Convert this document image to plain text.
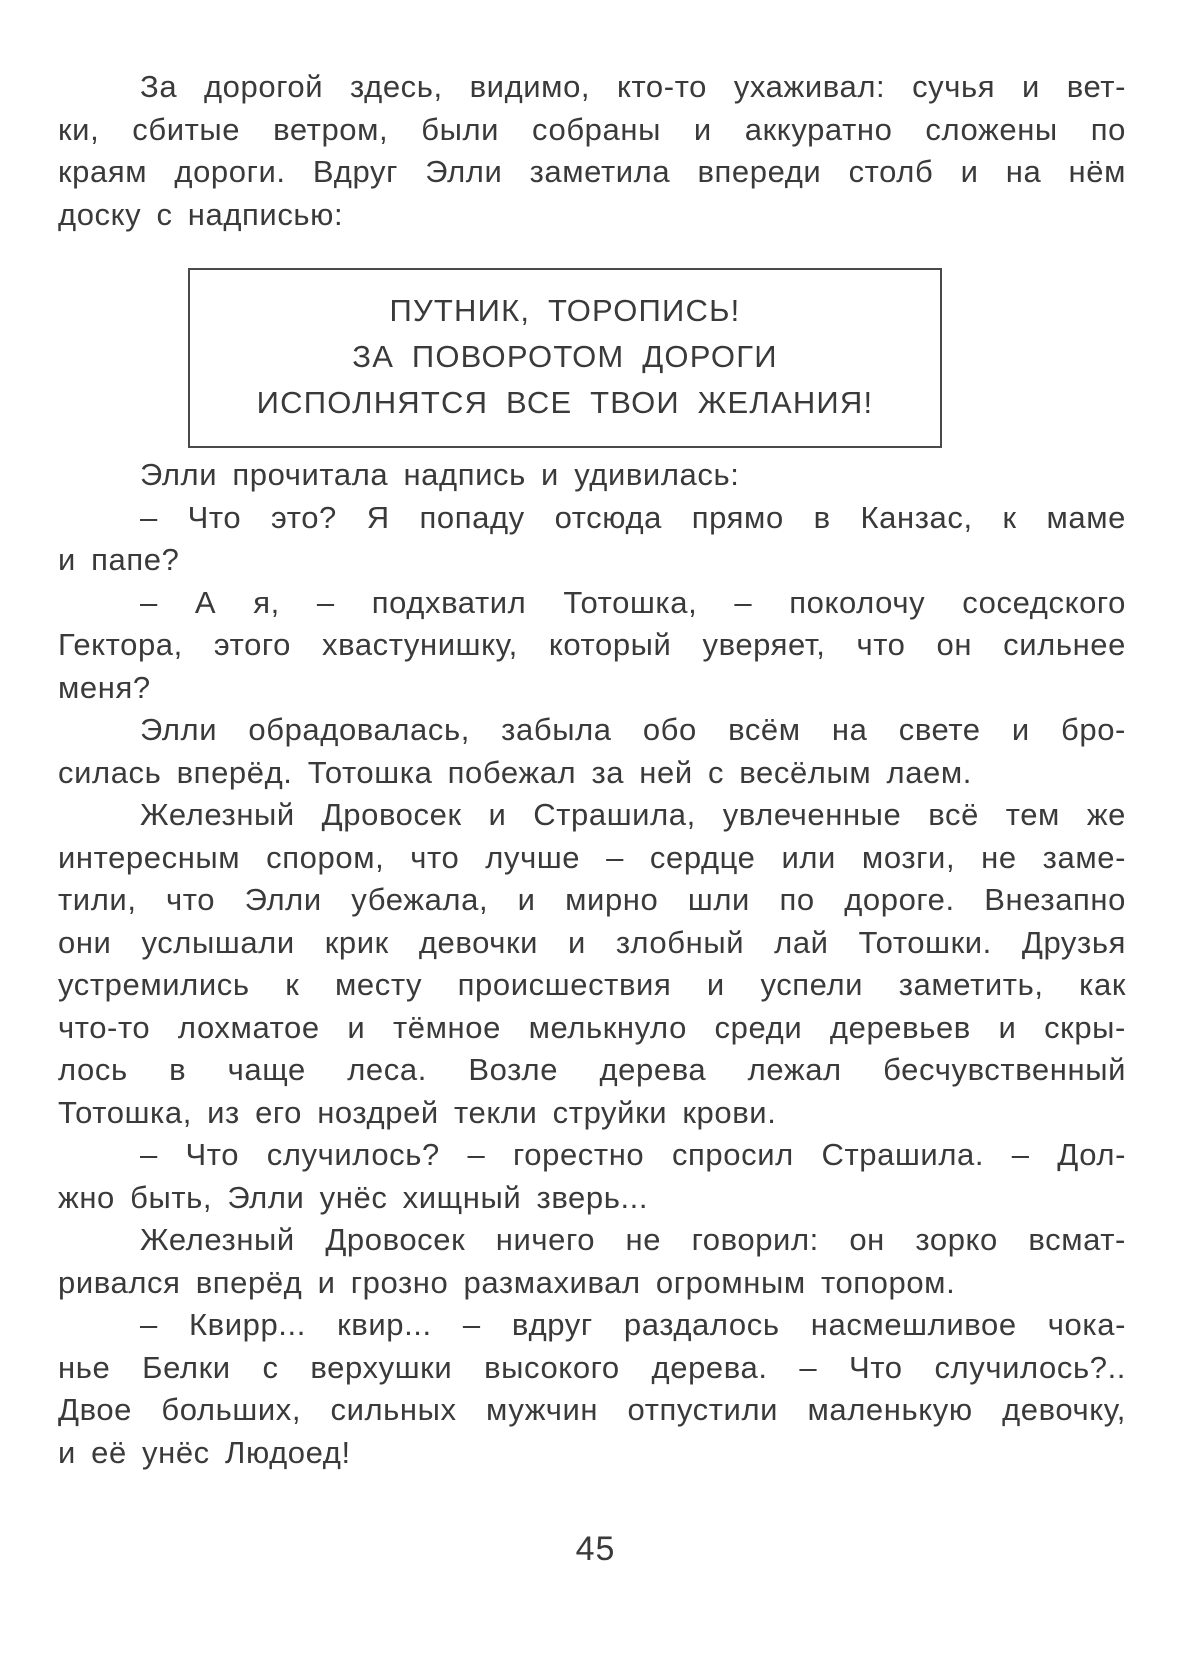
За дорогой здесь, видимо, кто-то ухаживал: сучья и вет-
ки, сбитые ветром, были собраны и аккуратно сложены по
краям дороги. Вдруг Элли заметила впереди столб и на нём
доску с надписью:
ПУТНИК, ТОРОПИСЬ!
ЗА ПОВОРОТОМ ДОРОГИ
ИСПОЛНЯТСЯ ВСЕ ТВОИ ЖЕЛАНИЯ!
Элли прочитала надпись и удивилась:
– Что это? Я попаду отсюда прямо в Канзас, к маме
и папе?
– А я, – подхватил Тотошка, – поколочу соседского
Гектора, этого хвастунишку, который уверяет, что он сильнее
меня?
Элли обрадовалась, забыла обо всём на свете и бро-
силась вперёд. Тотошка побежал за ней с весёлым лаем.
Железный Дровосек и Страшила, увлеченные всё тем же
интересным спором, что лучше – сердце или мозги, не заме-
тили, что Элли убежала, и мирно шли по дороге. Внезапно
они услышали крик девочки и злобный лай Тотошки. Друзья
устремились к месту происшествия и успели заметить, как
что-то лохматое и тёмное мелькнуло среди деревьев и скры-
лось в чаще леса. Возле дерева лежал бесчувственный
Тотошка, из его ноздрей текли струйки крови.
– Что случилось? – горестно спросил Страшила. – Дол-
жно быть, Элли унёс хищный зверь...
Железный Дровосек ничего не говорил: он зорко всмат-
ривался вперёд и грозно размахивал огромным топором.
– Квирр... квир... – вдруг раздалось насмешливое чока-
нье Белки с верхушки высокого дерева. – Что случилось?..
Двое больших, сильных мужчин отпустили маленькую девочку,
и её унёс Людоед!
45
